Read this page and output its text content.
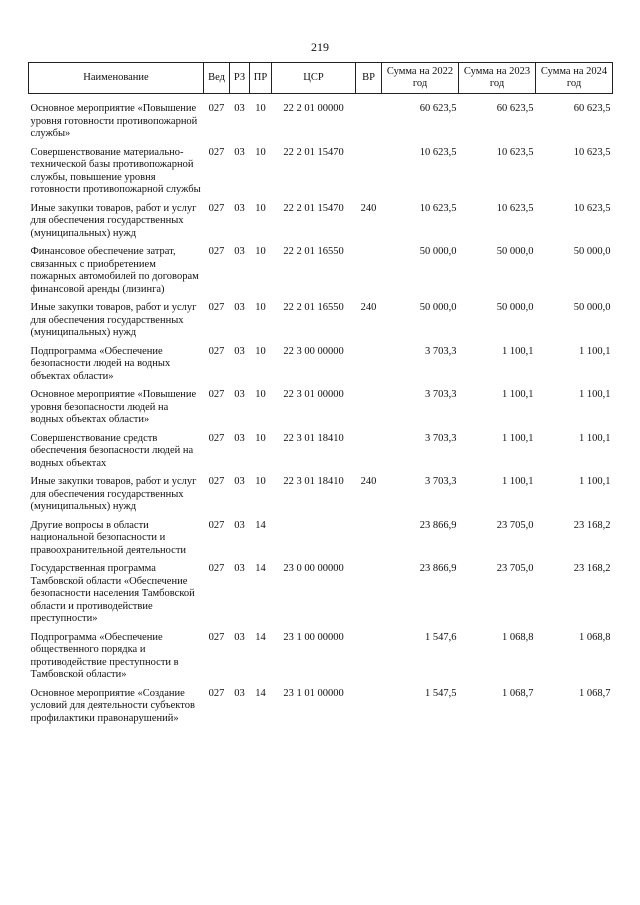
219
Наименование	Вед	РЗ	ПР	ЦСР	ВР	Сумма на 2022 год	Сумма на 2023 год	Сумма на 2024 год
Основное мероприятие «Повышение уровня готовности противопожарной службы»	027	03	10	22 2 01 00000		60 623,5	60 623,5	60 623,5
Совершенствование материально-технической базы противопожарной службы, повышение уровня готовности противопожарной службы	027	03	10	22 2 01 15470		10 623,5	10 623,5	10 623,5
Иные закупки товаров, работ и услуг для обеспечения государственных (муниципальных) нужд	027	03	10	22 2 01 15470	240	10 623,5	10 623,5	10 623,5
Финансовое обеспечение затрат, связанных с приобретением пожарных автомобилей по договорам финансовой аренды (лизинга)	027	03	10	22 2 01 16550		50 000,0	50 000,0	50 000,0
Иные закупки товаров, работ и услуг для обеспечения государственных (муниципальных) нужд	027	03	10	22 2 01 16550	240	50 000,0	50 000,0	50 000,0
Подпрограмма «Обеспечение безопасности людей на водных объектах области»	027	03	10	22 3 00 00000		3 703,3	1 100,1	1 100,1
Основное мероприятие «Повышение уровня безопасности людей на водных объектах области»	027	03	10	22 3 01 00000		3 703,3	1 100,1	1 100,1
Совершенствование средств обеспечения безопасности людей на водных объектах	027	03	10	22 3 01 18410		3 703,3	1 100,1	1 100,1
Иные закупки товаров, работ и услуг для обеспечения государственных (муниципальных) нужд	027	03	10	22 3 01 18410	240	3 703,3	1 100,1	1 100,1
Другие вопросы в области национальной безопасности и правоохранительной деятельности	027	03	14			23 866,9	23 705,0	23 168,2
Государственная программа Тамбовской области «Обеспечение безопасности населения Тамбовской области и противодействие преступности»	027	03	14	23 0 00 00000		23 866,9	23 705,0	23 168,2
Подпрограмма «Обеспечение общественного порядка и противодействие преступности в Тамбовской области»	027	03	14	23 1 00 00000		1 547,6	1 068,8	1 068,8
Основное мероприятие «Создание условий для деятельности субъектов профилактики правонарушений»	027	03	14	23 1 01 00000		1 547,5	1 068,7	1 068,7
